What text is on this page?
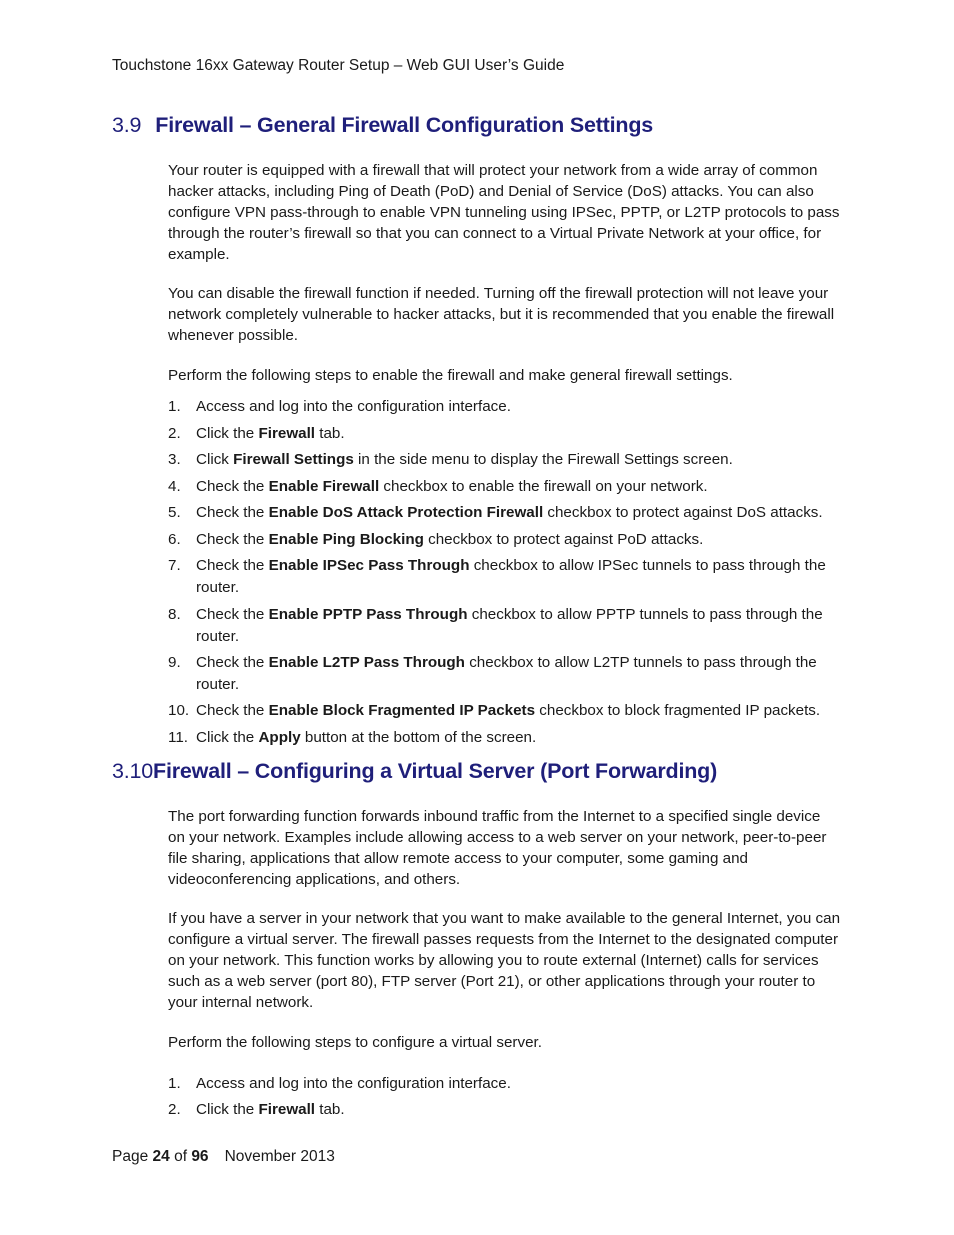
Touchstone 16xx Gateway Router Setup – Web GUI User’s Guide
3.9 Firewall – General Firewall Configuration Settings

Your router is equipped with a firewall that will protect your network from a wide array of common hacker attacks, including Ping of Death (PoD) and Denial of Service (DoS) attacks. You can also configure VPN pass-through to enable VPN tunneling using IPSec, PPTP, or L2TP protocols to pass through the router’s firewall so that you can connect to a Virtual Private Network at your office, for example.

You can disable the firewall function if needed. Turning off the firewall protection will not leave your network completely vulnerable to hacker attacks, but it is recommended that you enable the firewall whenever possible.

Perform the following steps to enable the firewall and make general firewall settings.

1.	Access and log into the configuration interface.
2.	Click the Firewall tab.
3.	Click Firewall Settings in the side menu to display the Firewall Settings screen.
4.	Check the Enable Firewall checkbox to enable the firewall on your network.
5.	Check the Enable DoS Attack Protection Firewall checkbox to protect against DoS attacks.
6.	Check the Enable Ping Blocking checkbox to protect against PoD attacks.
7.	Check the Enable IPSec Pass Through checkbox to allow IPSec tunnels to pass through the router.
8.	Check the Enable PPTP Pass Through checkbox to allow PPTP tunnels to pass through the router.
9.	Check the Enable L2TP Pass Through checkbox to allow L2TP tunnels to pass through the router.
10. Check the Enable Block Fragmented IP Packets checkbox to block fragmented IP packets.
11. Click the Apply button at the bottom of the screen.
3.10Firewall – Configuring a Virtual Server (Port Forwarding)

The port forwarding function forwards inbound traffic from the Internet to a specified single device on your network. Examples include allowing access to a web server on your network, peer-to-peer file sharing, applications that allow remote access to your computer, some gaming and videoconferencing applications, and others.

If you have a server in your network that you want to make available to the general Internet, you can configure a virtual server. The firewall passes requests from the Internet to the designated computer on your network. This function works by allowing you to route external (Internet) calls for services such as a web server (port 80), FTP server (Port 21), or other applications through your router to your internal network.

Perform the following steps to configure a virtual server.

1.	Access and log into the configuration interface.
2.	Click the Firewall tab.
Page 24 of 96 November 2013
